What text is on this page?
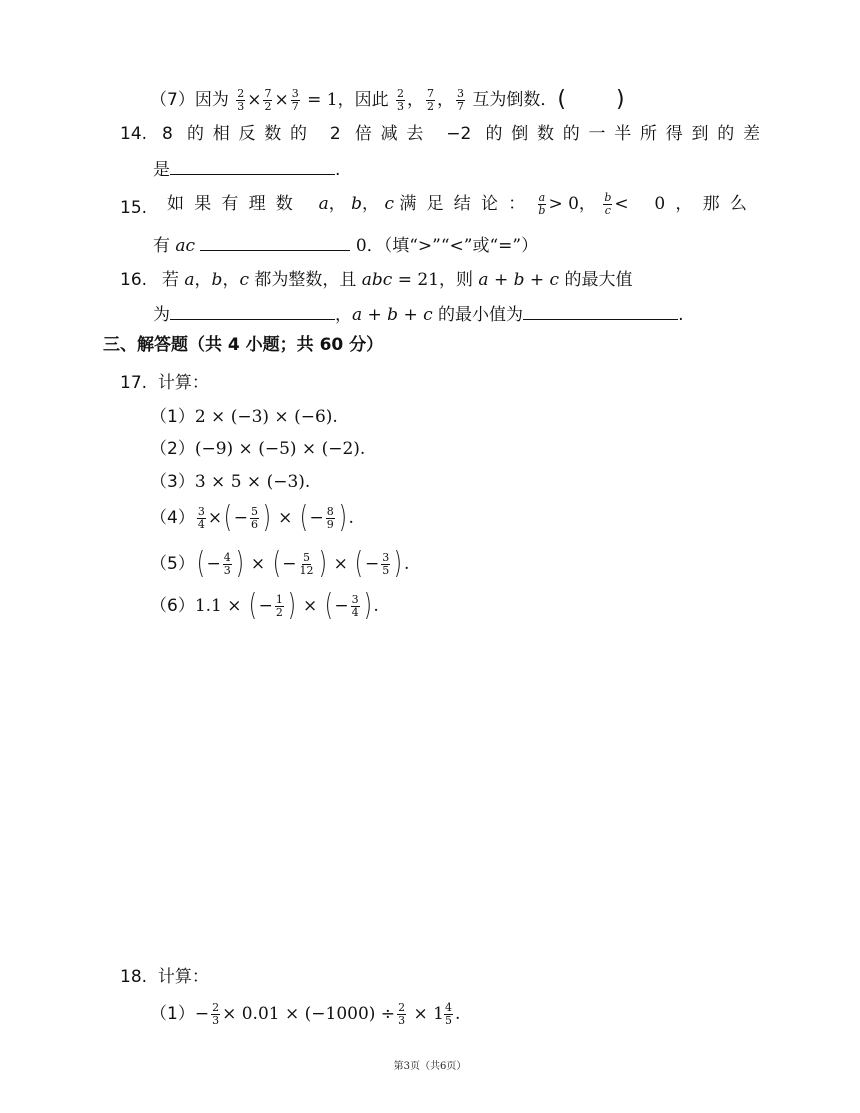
（7）因为 $\frac{2}{3} \times \frac{7}{2} \times \frac{3}{7} = 1$，因此 $\frac{2}{3}$ ， $\frac{7}{2}$ ， $\frac{3}{7}$ 互为倒数．( )
14. 8 的相反数的 2 倍减去 −2 的倒数的一半所得到的差
是	.
15. 如果有理数 a， b， c 满足结论： $\frac{a}{b} > 0$， $\frac{b}{c} < 0$，那么
有 ac	0．（填“>”“<”或“=”）
16. 若 a，b，c 都为整数，且 abc = 21，则 a + b + c 的最大值
为	，a + b + c 的最小值为	.
三、解答题（共 4 小题；共 60 分）
17. 计算：
（1）2 × (−3) × (−6).
（2）(−9) × (−5) × (−2).
（3）3 × 5 × (−3).
$(4) \frac{3}{4}$ ×( − $\frac{5}{6}$ ) × ( − $\frac{8}{9}$ ) .
$(5)( - \frac{4}{3}$ ) × ( − $\frac{5}{12}$ ) × ( − $\frac{3}{5}$ ) .
（6）1.1 × ( − $\frac{1}{2}$ ) × ( − $\frac{3}{4}$ ) .
18. 计算：
$(1)- \frac{2}{3} \times 0.01 \times (-1000) \div \frac{2}{3} \times 1 \frac{4}{5}$ .
第3页（共6页）
